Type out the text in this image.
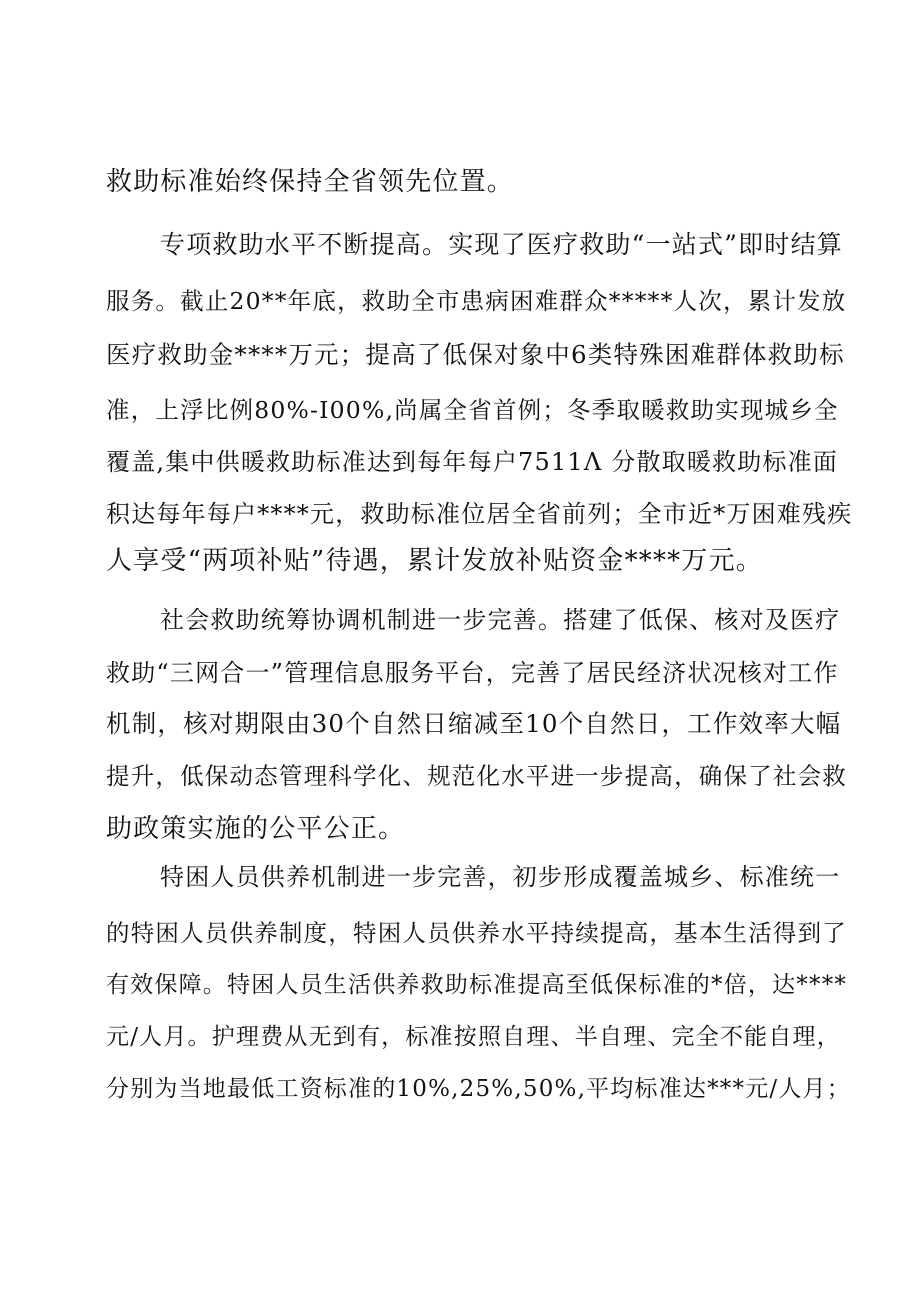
救助标准始终保持全省领先位置。
专项救助水平不断提高。实现了医疗救助“一站式”即时结算
服务。截止20**年底，救助全市患病困难群众*****人次，累计发放
医疗救助金****万元；提高了低保对象中6类特殊困难群体救助标
准，上浮比例80%-I00%,尚属全省首例；冬季取暖救助实现城乡全
覆盖,集中供暖救助标准达到每年每户7511Λ 分散取暖救助标准面
积达每年每户****元，救助标准位居全省前列；全市近*万困难残疾
人享受“两项补贴”待遇，累计发放补贴资金****万元。
社会救助统筹协调机制进一步完善。搭建了低保、核对及医疗
救助“三网合一”管理信息服务平台，完善了居民经济状况核对工作
机制，核对期限由30个自然日缩减至10个自然日，工作效率大幅
提升，低保动态管理科学化、规范化水平进一步提高，确保了社会救
助政策实施的公平公正。
特困人员供养机制进一步完善，初步形成覆盖城乡、标准统一
的特困人员供养制度，特困人员供养水平持续提高，基本生活得到了
有效保障。特困人员生活供养救助标准提高至低保标准的*倍，达****
元/人月。护理费从无到有，标准按照自理、半自理、完全不能自理，
分别为当地最低工资标准的10%,25%,50%,平均标准达***元/人月；
